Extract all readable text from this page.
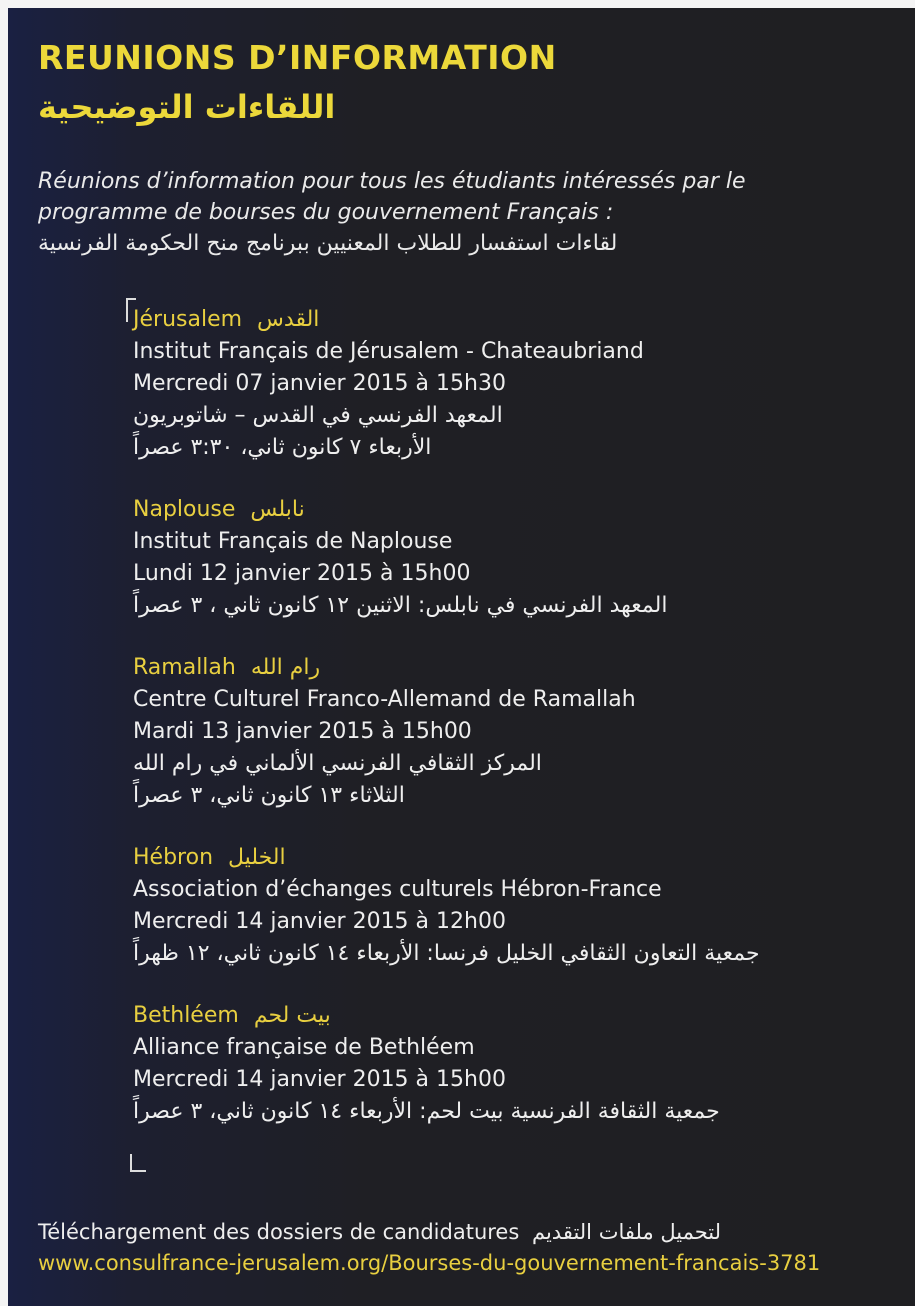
REUNIONS D’INFORMATION
اللقاءات التوضيحية
Réunions d’information pour tous les étudiants intéressés par le
programme de bourses du gouvernement Français :
لقاءات استفسار للطلاب المعنيين ببرنامج منح الحكومة الفرنسية
Jérusalem القدس
Institut Français de Jérusalem - Chateaubriand
Mercredi 07 janvier 2015 à 15h30
المعهد الفرنسي في القدس – شاتوبريون
الأربعاء ٧ كانون ثاني، ٣:٣٠ عصراً
Naplouse نابلس
Institut Français de Naplouse
Lundi 12 janvier 2015 à 15h00
المعهد الفرنسي في نابلس: الاثنين ١٢ كانون ثاني ، ٣ عصراً
Ramallah رام الله
Centre Culturel Franco-Allemand de Ramallah
Mardi 13 janvier 2015 à 15h00
المركز الثقافي الفرنسي الألماني في رام الله
الثلاثاء ١٣ كانون ثاني، ٣ عصراً
Hébron الخليل
Association d’échanges culturels Hébron-France
Mercredi 14 janvier 2015 à 12h00
جمعية التعاون الثقافي الخليل فرنسا: الأربعاء ١٤ كانون ثاني، ١٢ ظهراً
Bethléem بيت لحم
Alliance française de Bethléem
Mercredi 14 janvier 2015 à 15h00
جمعية الثقافة الفرنسية بيت لحم: الأربعاء ١٤ كانون ثاني، ٣ عصراً
Téléchargement des dossiers de candidatures لتحميل ملفات التقديم
www.consulfrance-jerusalem.org/Bourses-du-gouvernement-francais-3781
